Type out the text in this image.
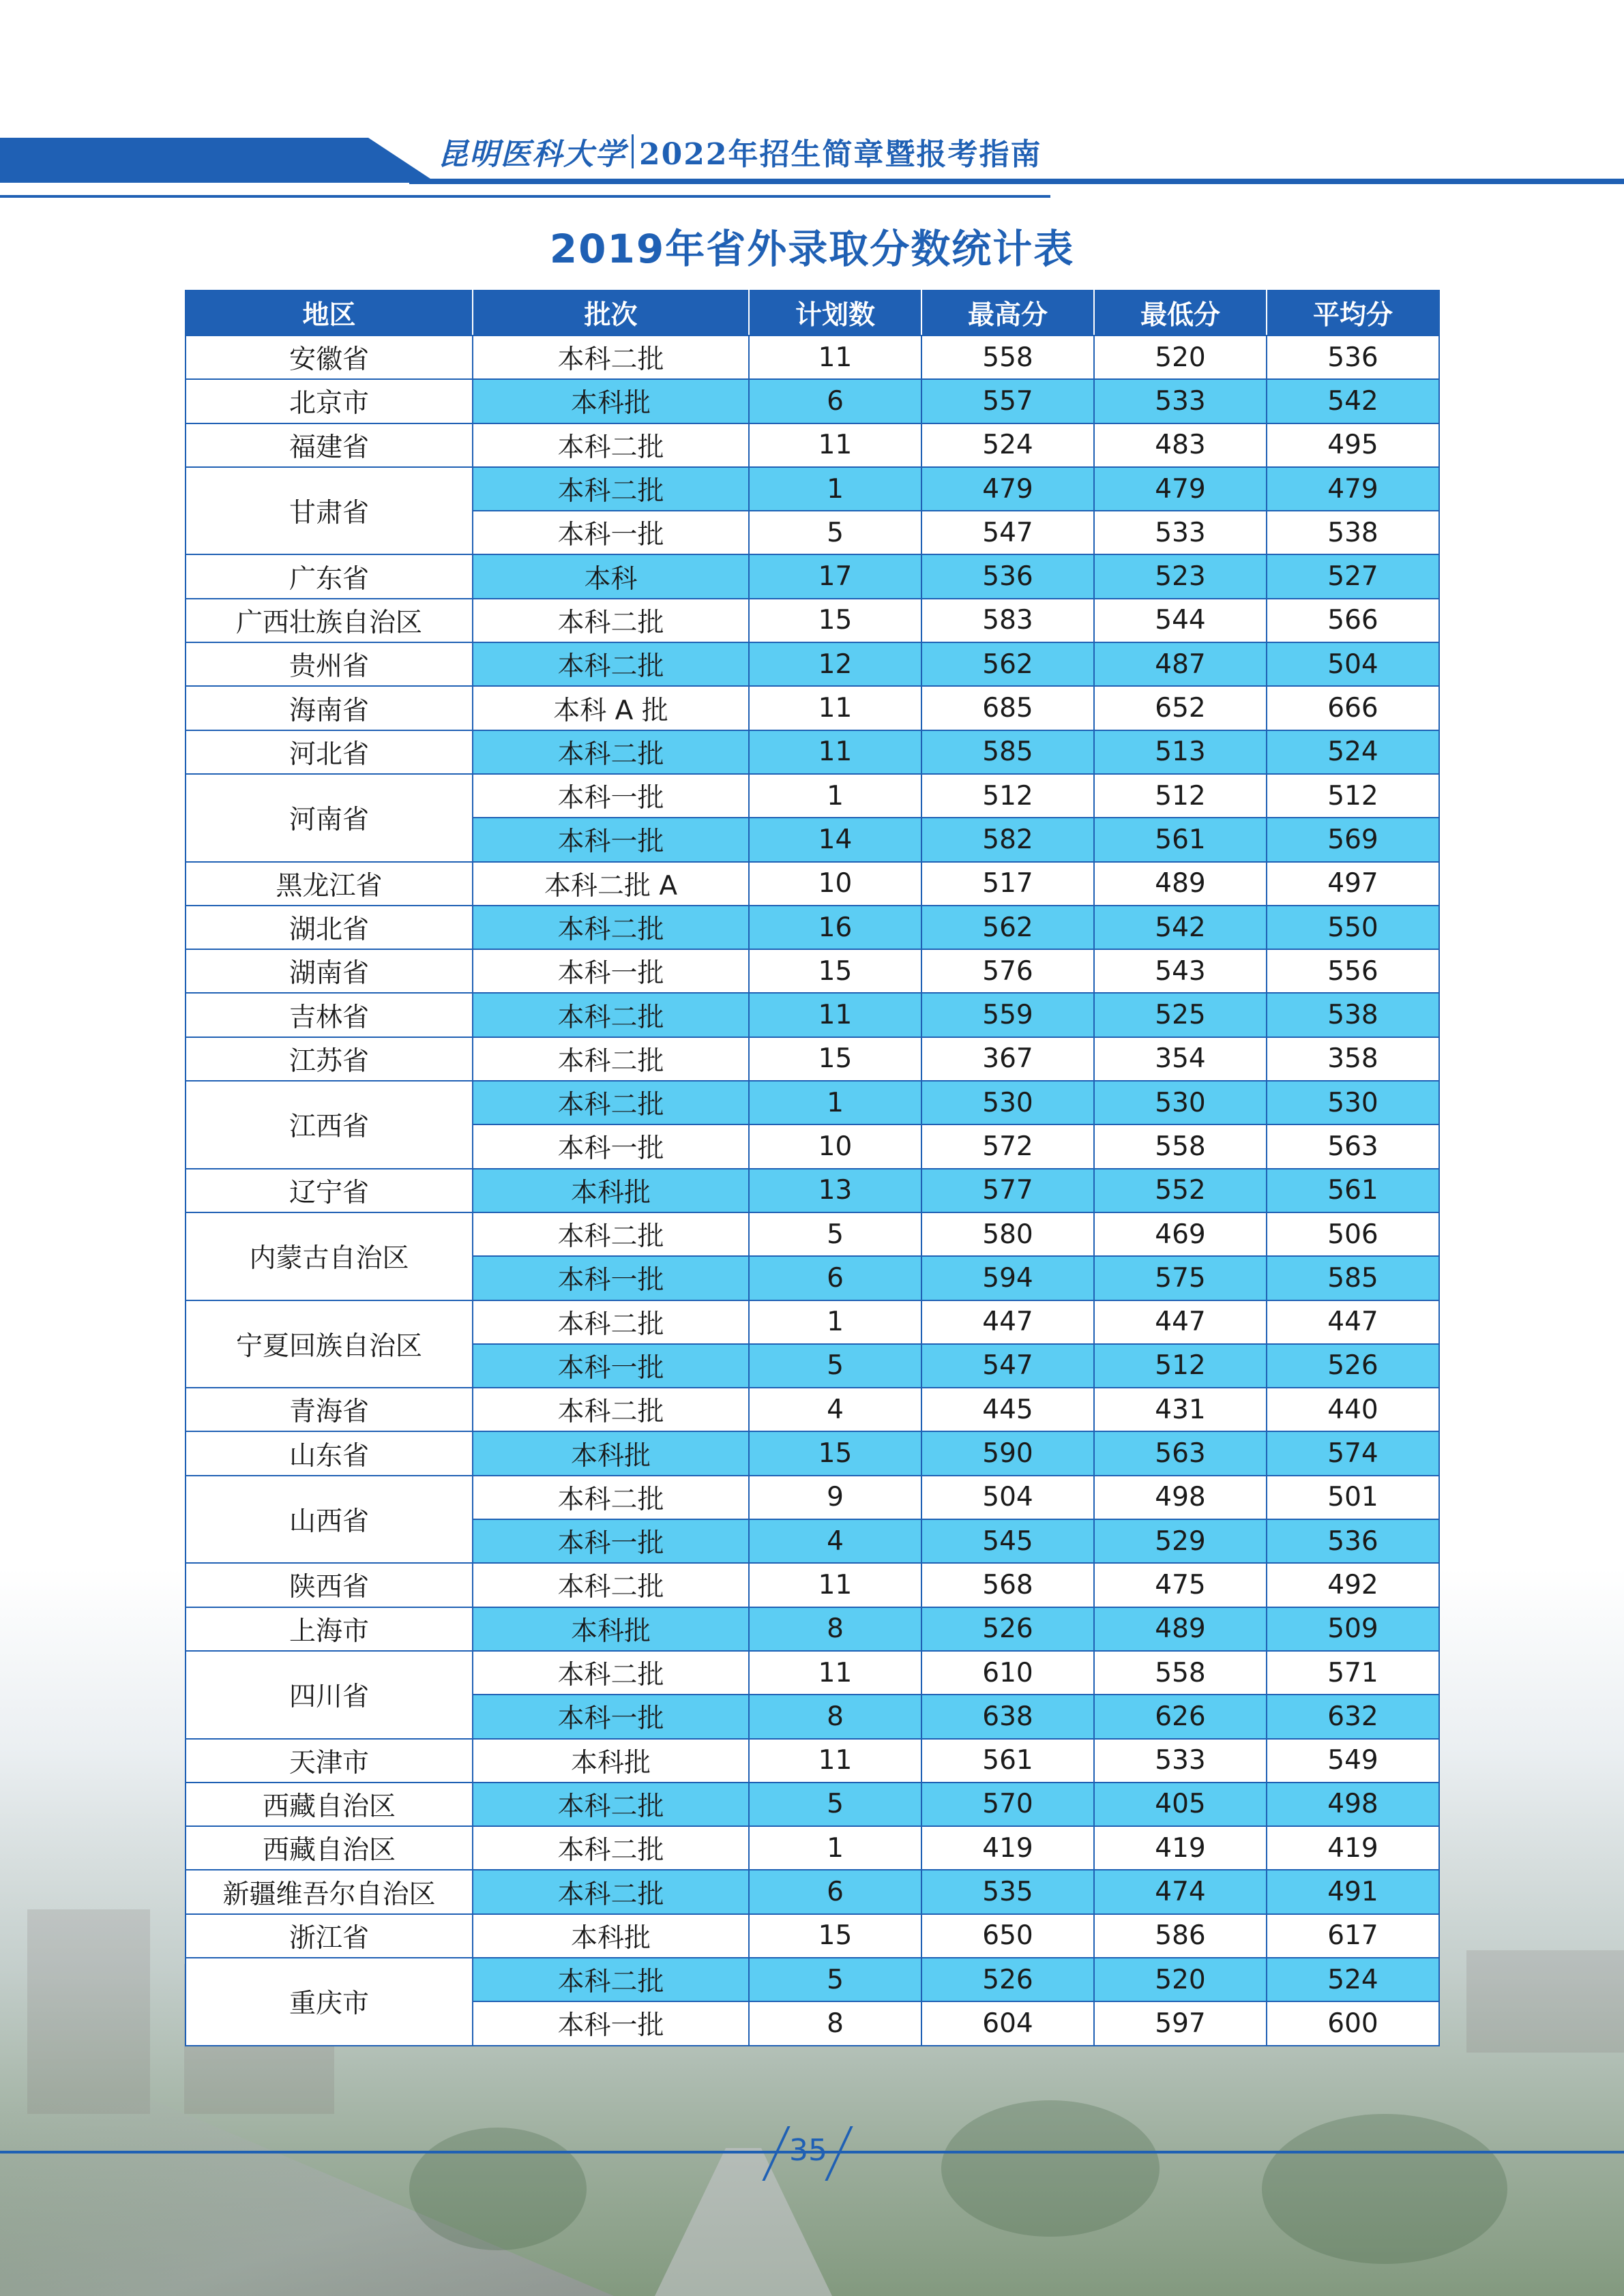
昆明医科大学 2022年招生简章暨报考指南
2019年省外录取分数统计表
地区	批次	计划数	最高分	最低分	平均分
安徽省	本科二批	11	558	520	536
北京市	本科批	6	557	533	542
福建省	本科二批	11	524	483	495
甘肃省	本科二批	1	479	479	479
	本科一批	5	547	533	538
广东省	本科	17	536	523	527
广西壮族自治区	本科二批	15	583	544	566
贵州省	本科二批	12	562	487	504
海南省	本科 A 批	11	685	652	666
河北省	本科二批	11	585	513	524
河南省	本科一批	1	512	512	512
	本科一批	14	582	561	569
黑龙江省	本科二批 A	10	517	489	497
湖北省	本科二批	16	562	542	550
湖南省	本科一批	15	576	543	556
吉林省	本科二批	11	559	525	538
江苏省	本科二批	15	367	354	358
江西省	本科二批	1	530	530	530
	本科一批	10	572	558	563
辽宁省	本科批	13	577	552	561
内蒙古自治区	本科二批	5	580	469	506
	本科一批	6	594	575	585
宁夏回族自治区	本科二批	1	447	447	447
	本科一批	5	547	512	526
青海省	本科二批	4	445	431	440
山东省	本科批	15	590	563	574
山西省	本科二批	9	504	498	501
	本科一批	4	545	529	536
陕西省	本科二批	11	568	475	492
上海市	本科批	8	526	489	509
四川省	本科二批	11	610	558	571
	本科一批	8	638	626	632
天津市	本科批	11	561	533	549
西藏自治区	本科二批	5	570	405	498
西藏自治区	本科二批	1	419	419	419
新疆维吾尔自治区	本科二批	6	535	474	491
浙江省	本科批	15	650	586	617
重庆市	本科二批	5	526	520	524
	本科一批	8	604	597	600
35
